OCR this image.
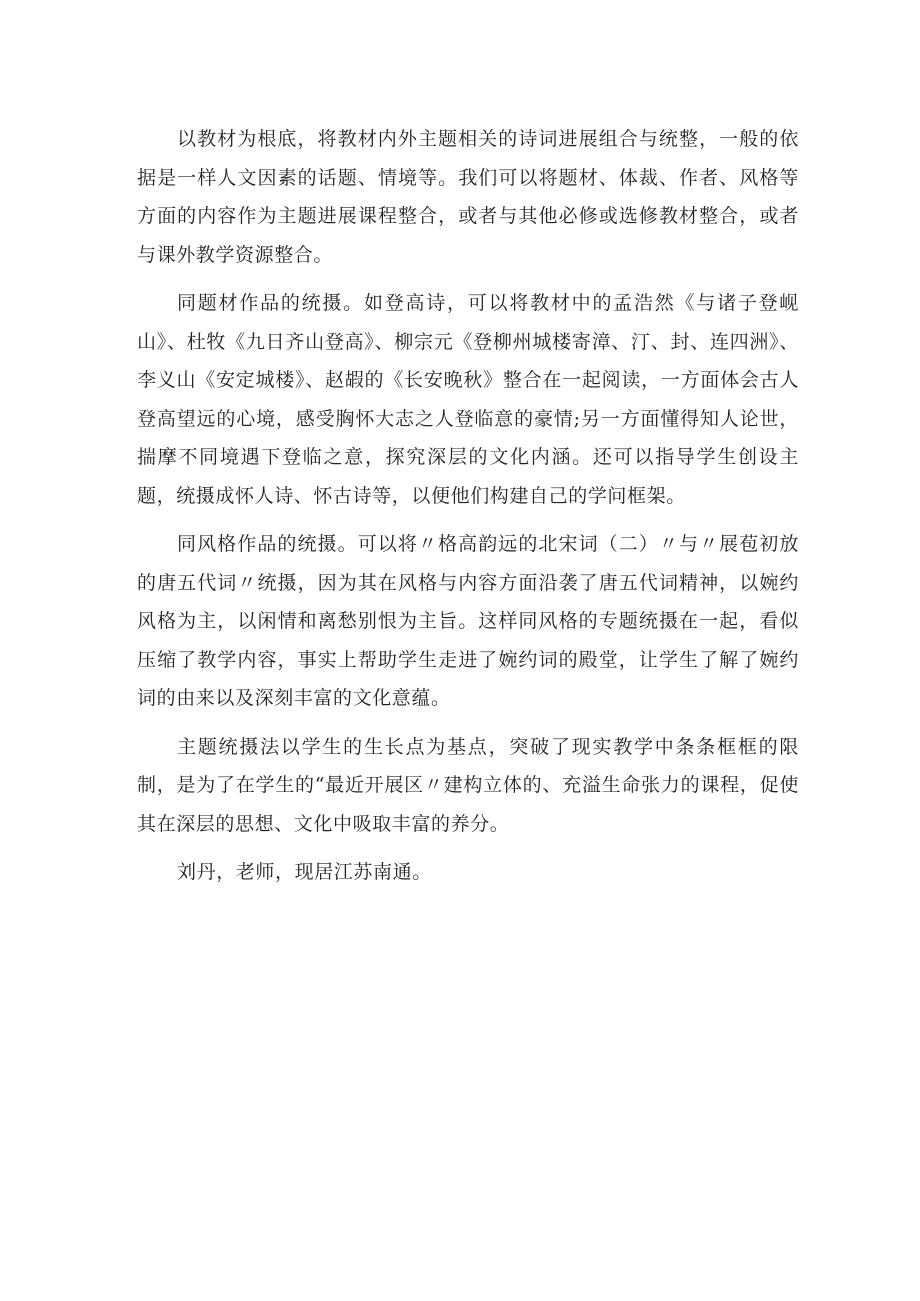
以教材为根底，将教材内外主题相关的诗词进展组合与统整，一般的依据是一样人文因素的话题、情境等。我们可以将题材、体裁、作者、风格等方面的内容作为主题进展课程整合，或者与其他必修或选修教材整合，或者与课外教学资源整合。

同题材作品的统摄。如登高诗，可以将教材中的孟浩然《与诸子登岘山》、杜牧《九日齐山登高》、柳宗元《登柳州城楼寄漳、汀、封、连四洲》、李义山《安定城楼》、赵嘏的《长安晚秋》整合在一起阅读，一方面体会古人登高望远的心境，感受胸怀大志之人登临意的豪情;另一方面懂得知人论世，揣摩不同境遇下登临之意，探究深层的文化内涵。还可以指导学生创设主题，统摄成怀人诗、怀古诗等，以便他们构建自己的学问框架。

同风格作品的统摄。可以将〃格高韵远的北宋词（二）〃与〃展苞初放的唐五代词〃统摄，因为其在风格与内容方面沿袭了唐五代词精神，以婉约风格为主，以闲情和离愁别恨为主旨。这样同风格的专题统摄在一起，看似压缩了教学内容，事实上帮助学生走进了婉约词的殿堂，让学生了解了婉约词的由来以及深刻丰富的文化意蕴。

主题统摄法以学生的生长点为基点，突破了现实教学中条条框框的限制，是为了在学生的“最近开展区〃建构立体的、充溢生命张力的课程，促使其在深层的思想、文化中吸取丰富的养分。

刘丹，老师，现居江苏南通。
